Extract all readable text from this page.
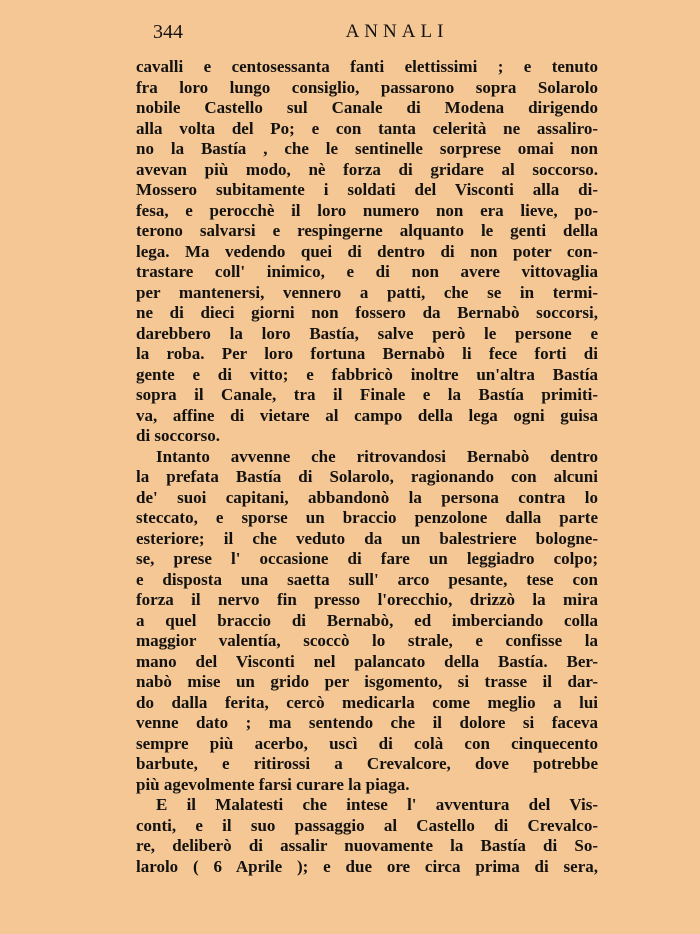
344	ANNALI
cavalli e centosessanta fanti elettissimi ; e tenuto
fra loro lungo consiglio, passarono sopra Solarolo
nobile Castello sul Canale di Modena dirigendo
alla volta del Po; e con tanta celerità ne assaliro-
no la Bastía , che le sentinelle sorprese omai non
avevan più modo, nè forza di gridare al soccorso.
Mossero subitamente i soldati del Visconti alla di-
fesa, e perocchè il loro numero non era lieve, po-
terono salvarsi e respingerne alquanto le genti della
lega. Ma vedendo quei di dentro di non poter con-
trastare coll' inimico, e di non avere vittovaglia
per mantenersi, vennero a patti, che se in termi-
ne di dieci giorni non fossero da Bernabò soccorsi,
darebbero la loro Bastía, salve però le persone e
la roba. Per loro fortuna Bernabò li fece forti di
gente e di vitto; e fabbricò inoltre un'altra Bastía
sopra il Canale, tra il Finale e la Bastía primiti-
va, affine di vietare al campo della lega ogni guisa
di soccorso.
Intanto avvenne che ritrovandosi Bernabò dentro
la prefata Bastía di Solarolo, ragionando con alcuni
de' suoi capitani, abbandonò la persona contra lo
steccato, e sporse un braccio penzolone dalla parte
esteriore; il che veduto da un balestriere bologne-
se, prese l' occasione di fare un leggiadro colpo;
e disposta una saetta sull' arco pesante, tese con
forza il nervo fin presso l'orecchio, drizzò la mira
a quel braccio di Bernabò, ed imberciando colla
maggior valentía, scoccò lo strale, e confisse la
mano del Visconti nel palancato della Bastía. Ber-
nabò mise un grido per isgomento, si trasse il dar-
do dalla ferita, cercò medicarla come meglio a lui
venne dato ; ma sentendo che il dolore si faceva
sempre più acerbo, uscì di colà con cinquecento
barbute, e ritirossi a Crevalcore, dove potrebbe
più agevolmente farsi curare la piaga.
E il Malatesti che intese l' avventura del Vis-
conti, e il suo passaggio al Castello di Crevalco-
re, deliberò di assalir nuovamente la Bastía di So-
larolo ( 6 Aprile ); e due ore circa prima di sera,
